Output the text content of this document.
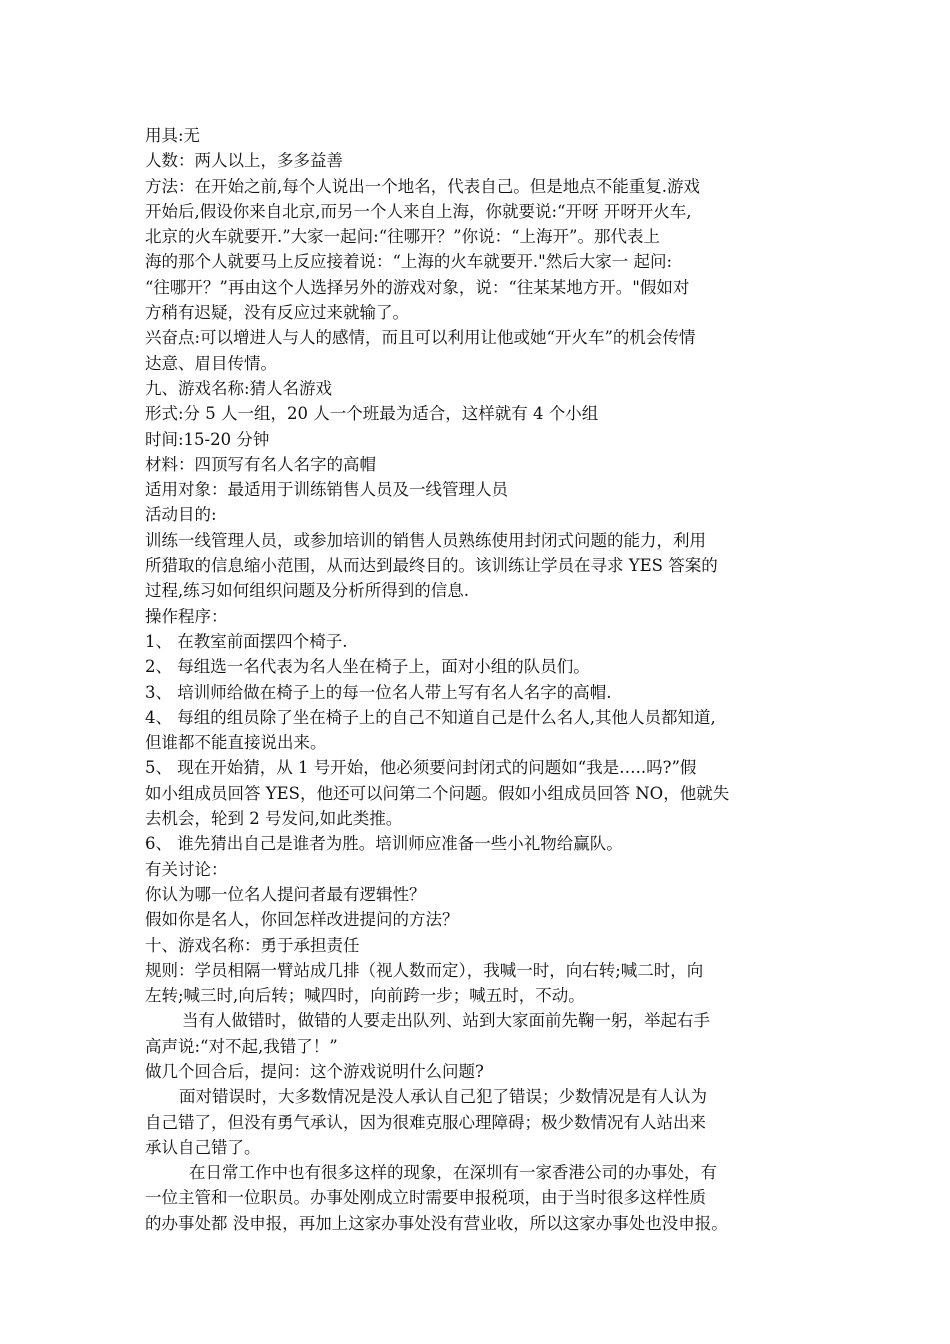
用具:无
人数：两人以上，多多益善
方法：在开始之前,每个人说出一个地名，代表自己。但是地点不能重复.游戏
开始后,假设你来自北京,而另一个人来自上海，你就要说:“开呀 开呀开火车,
北京的火车就要开.”大家一起问:“往哪开？”你说：“上海开”。那代表上
海的那个人就要马上反应接着说：“上海的火车就要开."然后大家一 起问:
“往哪开？”再由这个人选择另外的游戏对象，说：“往某某地方开。"假如对
方稍有迟疑，没有反应过来就输了。
兴奋点:可以增进人与人的感情，而且可以利用让他或她“开火车”的机会传情
达意、眉目传情。
九、游戏名称:猜人名游戏
形式:分 5 人一组，20 人一个班最为适合，这样就有 4 个小组
时间:15-20 分钟
材料：四顶写有名人名字的高帽
适用对象：最适用于训练销售人员及一线管理人员
活动目的:
训练一线管理人员，或参加培训的销售人员熟练使用封闭式问题的能力，利用
所猎取的信息缩小范围，从而达到最终目的。该训练让学员在寻求 YES 答案的
过程,练习如何组织问题及分析所得到的信息.
操作程序：
1、 在教室前面摆四个椅子.
2、 每组选一名代表为名人坐在椅子上，面对小组的队员们。
3、 培训师给做在椅子上的每一位名人带上写有名人名字的高帽.
4、 每组的组员除了坐在椅子上的自己不知道自己是什么名人,其他人员都知道,
但谁都不能直接说出来。
5、 现在开始猜，从 1 号开始，他必须要问封闭式的问题如“我是…..吗?”假
如小组成员回答 YES，他还可以问第二个问题。假如小组成员回答 NO，他就失
去机会，轮到 2 号发问,如此类推。
6、 谁先猜出自己是谁者为胜。培训师应准备一些小礼物给赢队。
有关讨论：
你认为哪一位名人提问者最有逻辑性？
假如你是名人，你回怎样改进提问的方法？
十、游戏名称：勇于承担责任
规则：学员相隔一臂站成几排（视人数而定），我喊一时，向右转;喊二时，向
左转;喊三时,向后转；喊四时，向前跨一步；喊五时，不动。
当有人做错时，做错的人要走出队列、站到大家面前先鞠一躬，举起右手
高声说:“对不起,我错了！”
做几个回合后，提问：这个游戏说明什么问题?
面对错误时，大多数情况是没人承认自己犯了错误；少数情况是有人认为
自己错了，但没有勇气承认，因为很难克服心理障碍；极少数情况有人站出来
承认自己错了。
在日常工作中也有很多这样的现象，在深圳有一家香港公司的办事处，有
一位主管和一位职员。办事处刚成立时需要申报税项，由于当时很多这样性质
的办事处都 没申报，再加上这家办事处没有营业收，所以这家办事处也没申报。
